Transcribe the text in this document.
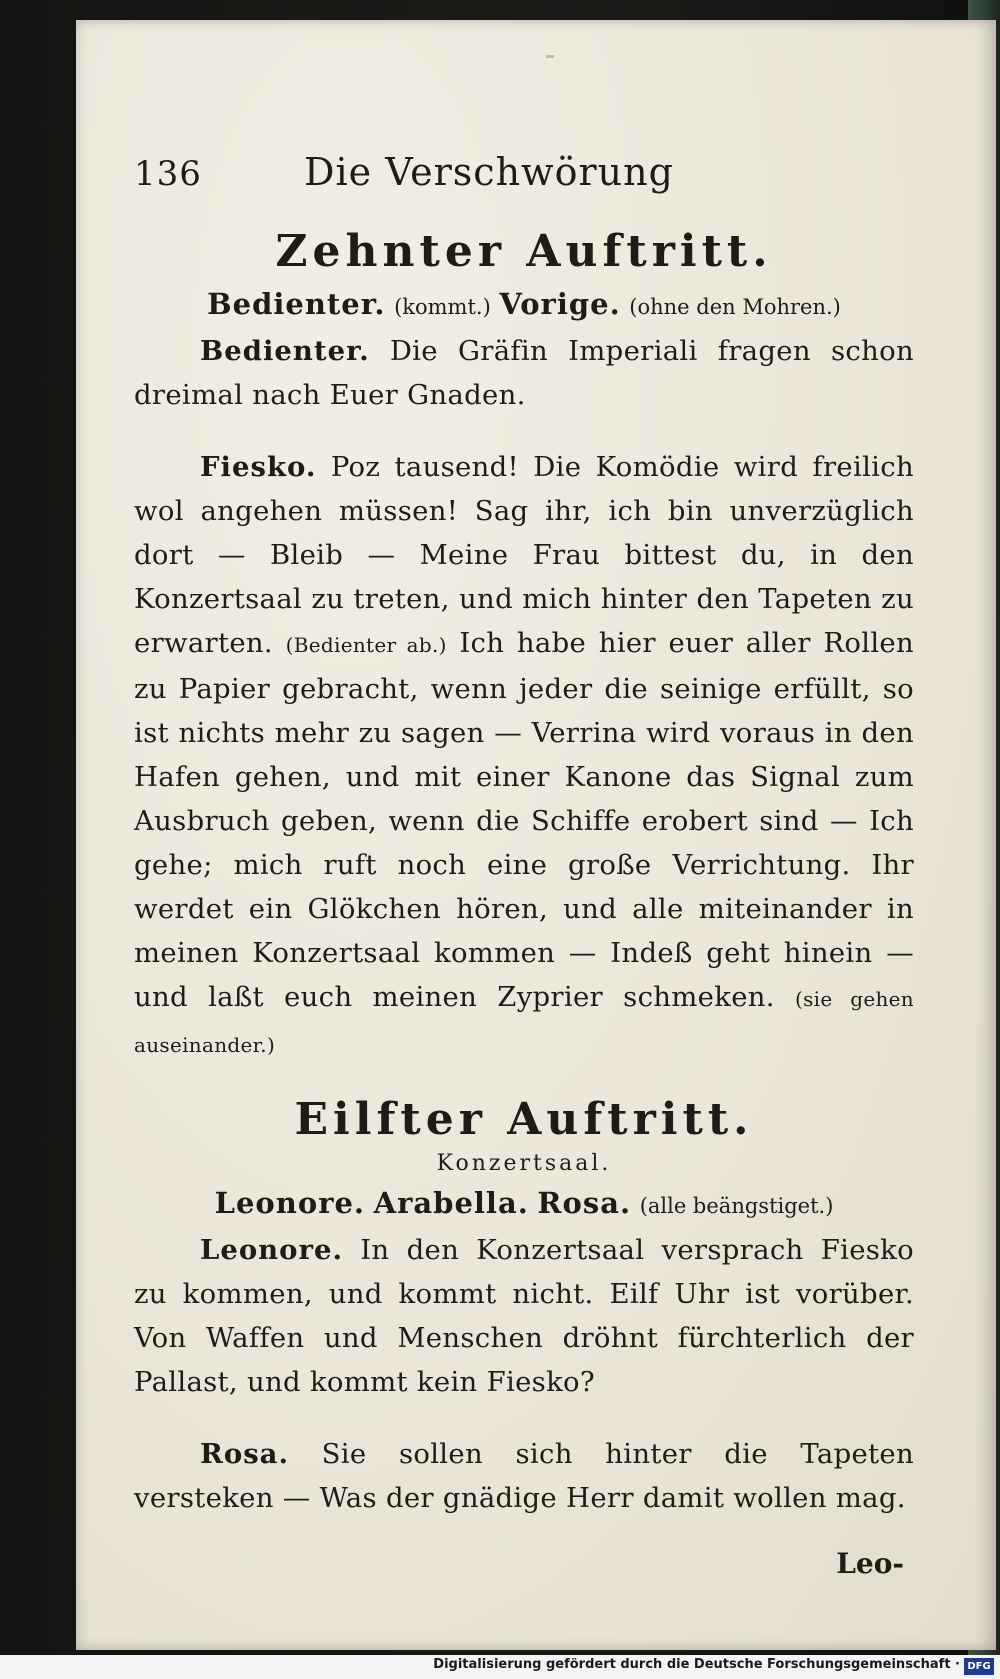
136	Die Verschwörung
Zehnter Auftritt.
Bedienter. (kommt.) Vorige. (ohne den Mohren.)

Bedienter. Die Gräfin Imperiali fragen schon dreimal nach Euer Gnaden.

Fiesko. Poz tausend! Die Komödie wird freilich wol angehen müssen! Sag ihr, ich bin unverzüglich dort — Bleib — Meine Frau bittest du, in den Konzertsaal zu treten, und mich hinter den Tapeten zu erwarten. (Bedienter ab.) Ich habe hier euer aller Rollen zu Papier gebracht, wenn jeder die seinige erfüllt, so ist nichts mehr zu sagen — Verrina wird voraus in den Hafen gehen, und mit einer Kanone das Signal zum Ausbruch geben, wenn die Schiffe erobert sind — Ich gehe; mich ruft noch eine große Verrichtung. Ihr werdet ein Glökchen hören, und alle miteinander in meinen Konzertsaal kommen — Indeß geht hinein — und laßt euch meinen Zyprier schmeken. (sie gehen auseinander.)

Eilfter Auftritt.
Konzertsaal.
Leonore. Arabella. Rosa. (alle beängstiget.)

Leonore. In den Konzertsaal versprach Fiesko zu kommen, und kommt nicht. Eilf Uhr ist vorüber. Von Waffen und Menschen dröhnt fürchterlich der Pallast, und kommt kein Fiesko?

Rosa. Sie sollen sich hinter die Tapeten versteken — Was der gnädige Herr damit wollen mag.

Leo-
Digitalisierung gefördert durch die Deutsche Forschungsgemeinschaft · DFG
